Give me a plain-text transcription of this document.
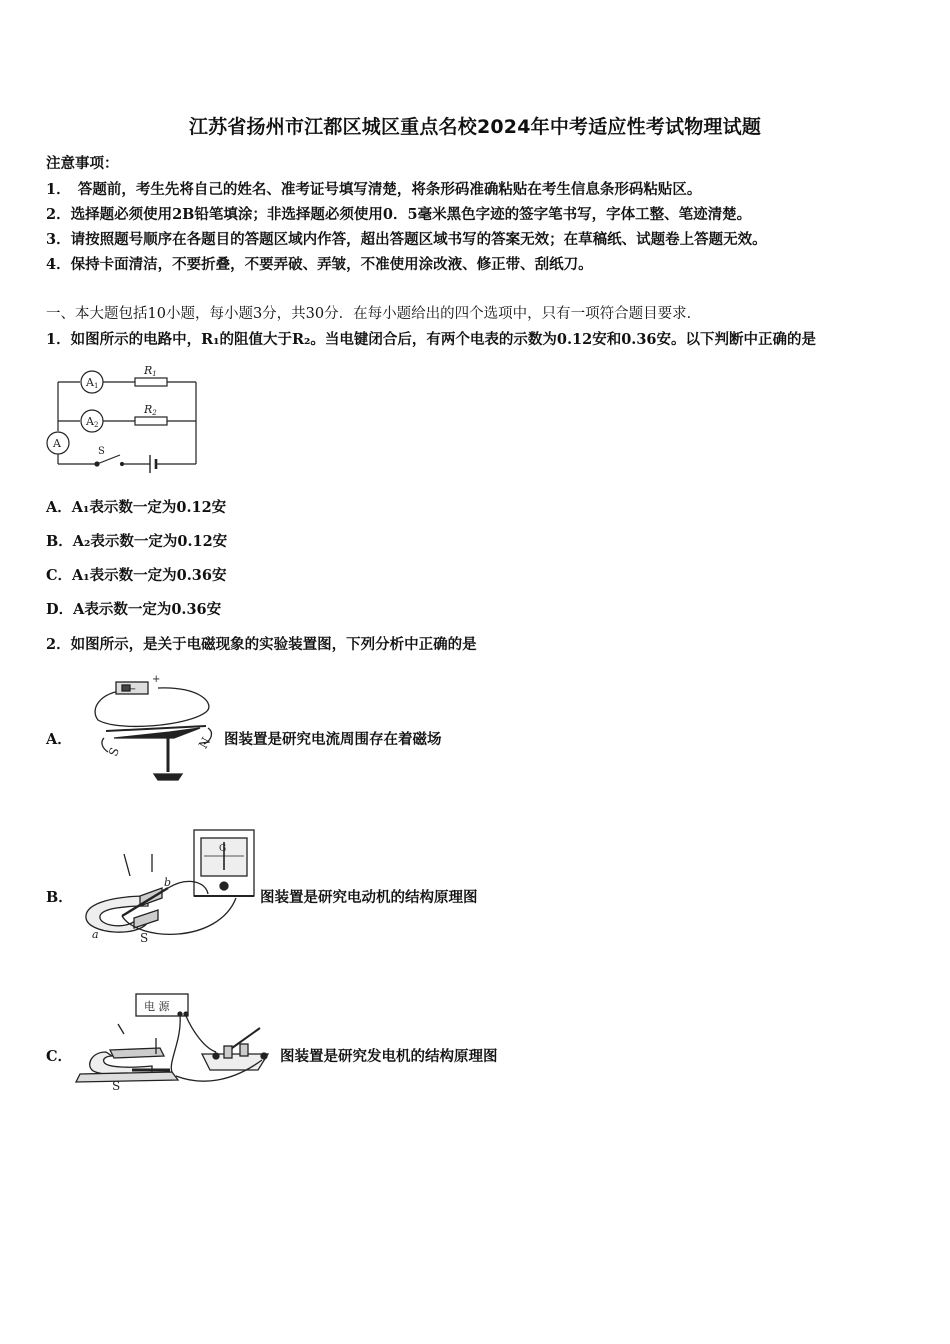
江苏省扬州市江都区城区重点名校2024年中考适应性考试物理试题
注意事项：
1．　答题前，考生先将自己的姓名、准考证号填写清楚，将条形码准确粘贴在考生信息条形码粘贴区。
2．选择题必须使用2B铅笔填涂；非选择题必须使用0．5毫米黑色字迹的签字笔书写，字体工整、笔迹清楚。
3．请按照题号顺序在各题目的答题区域内作答，超出答题区域书写的答案无效；在草稿纸、试题卷上答题无效。
4．保持卡面清洁，不要折叠，不要弄破、弄皱，不准使用涂改液、修正带、刮纸刀。
一、本大题包括10小题，每小题3分，共30分．在每小题给出的四个选项中，只有一项符合题目要求．
1．如图所示的电路中，R₁的阻值大于R₂。当电键闭合后，有两个电表的示数为0.12安和0.36安。以下判断中正确的是
A1
A2
A
R1
R2
S
A．A₁表示数一定为0.12安
B．A₂表示数一定为0.12安
C．A₁表示数一定为0.36安
D．A表示数一定为0.36安
2．如图所示，是关于电磁现象的实验装置图，下列分析中正确的是
A．
−
+
S
N 图装置是研究电流周围存在着磁场
B．
b
a	S
G
图装置是研究电动机的结构原理图
C．
电 源
S
图装置是研究发电机的结构原理图
